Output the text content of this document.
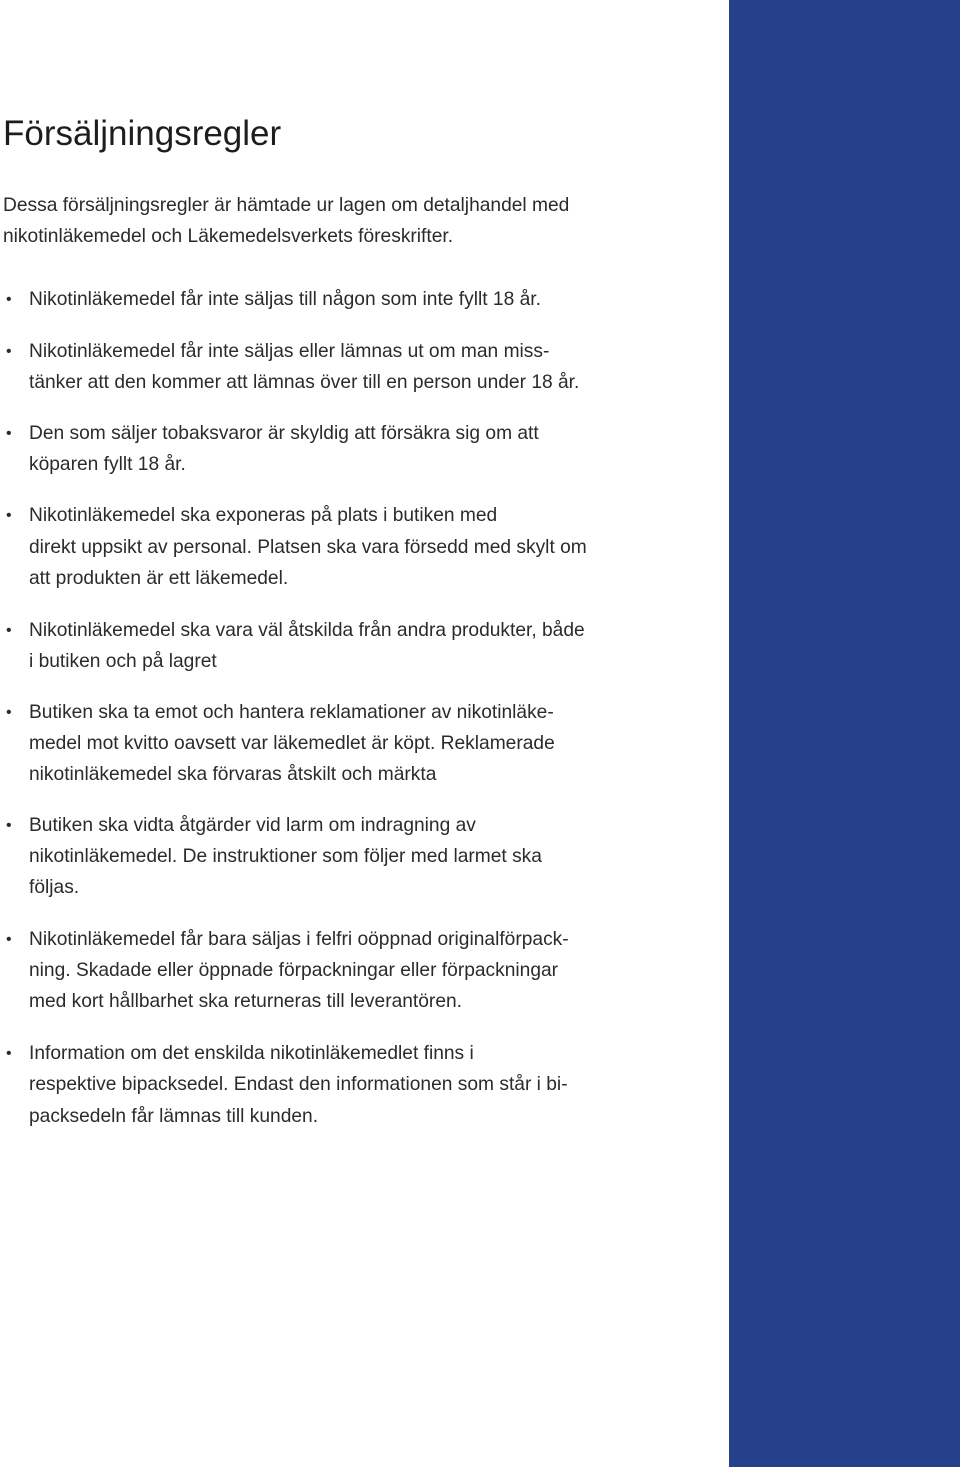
Försäljningsregler
Dessa försäljningsregler är hämtade ur lagen om detaljhandel med
nikotinläkemedel och Läkemedelsverkets föreskrifter.
• Nikotinläkemedel får inte säljas till någon som inte fyllt 18 år.
• Nikotinläkemedel får inte säljas eller lämnas ut om man miss-
tänker att den kommer att lämnas över till en person under 18 år.
• Den som säljer tobaksvaror är skyldig att försäkra sig om att
köparen fyllt 18 år.
• Nikotinläkemedel ska exponeras på plats i butiken med
direkt uppsikt av personal. Platsen ska vara försedd med skylt om
att produkten är ett läkemedel.
• Nikotinläkemedel ska vara väl åtskilda från andra produkter, både
i butiken och på lagret
• Butiken ska ta emot och hantera reklamationer av nikotinläke-
medel mot kvitto oavsett var läkemedlet är köpt. Reklamerade
nikotinläkemedel ska förvaras åtskilt och märkta
• Butiken ska vidta åtgärder vid larm om indragning av
nikotinläkemedel. De instruktioner som följer med larmet ska
följas.
• Nikotinläkemedel får bara säljas i felfri oöppnad originalförpack-
ning. Skadade eller öppnade förpackningar eller förpackningar
med kort hållbarhet ska returneras till leverantören.
• Information om det enskilda nikotinläkemedlet finns i
respektive bipacksedel. Endast den informationen som står i bi-
packsedeln får lämnas till kunden.
